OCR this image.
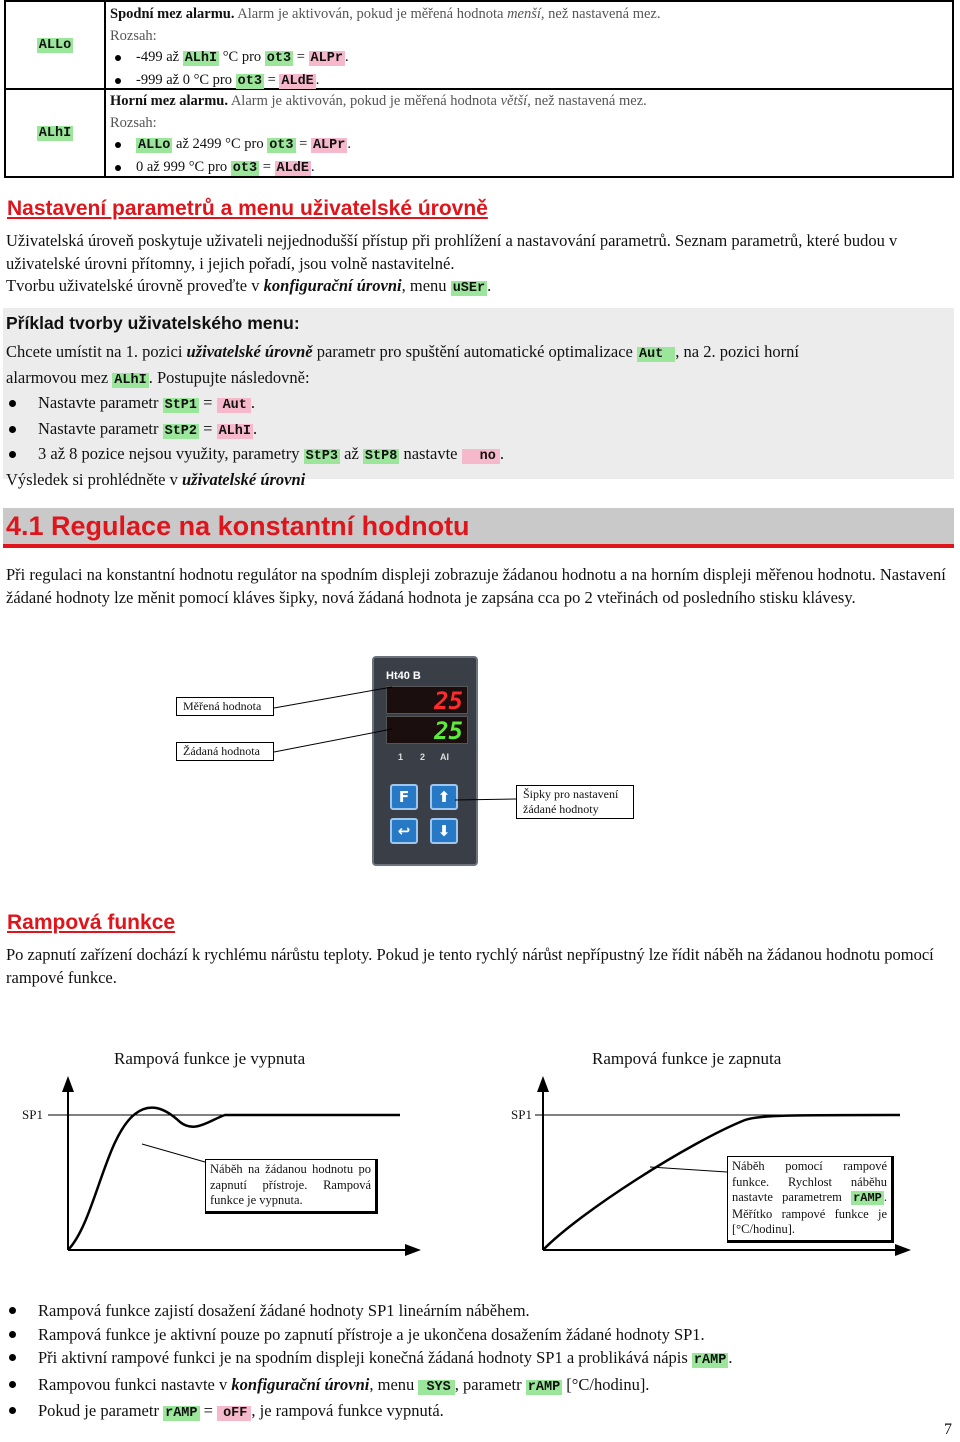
ALLo
Spodní mez alarmu. Alarm je aktivován, pokud je měřená hodnota menší, než nastavená mez.
Rozsah:
-499 až ALhI °C pro ot3 = ALPr .
-999 až 0 °C pro ot3 = ALdE .
ALhI
Horní mez alarmu. Alarm je aktivován, pokud je měřená hodnota větší, než nastavená mez.
Rozsah:
ALLo až 2499 °C pro ot3 = ALPr .
0 až 999 °C pro ot3 = ALdE .
Nastavení parametrů a menu uživatelské úrovně
Uživatelská úroveň poskytuje uživateli nejjednodušší přístup při prohlížení a nastavování parametrů. Seznam parametrů, které budou v uživatelské úrovni přítomny, i jejich pořadí, jsou volně nastavitelné.
Tvorbu uživatelské úrovně proveďte v konfigurační úrovni, menu uSEr .
Příklad tvorby uživatelského menu:
Chcete umístit na 1. pozici uživatelské úrovně parametr pro spuštění automatické optimalizace Aut , na 2. pozici horní
alarmovou mez ALhI . Postupujte následovně:
Nastavte parametr StP1 = Aut .
Nastavte parametr StP2 = ALhI .
3 až 8 pozice nejsou využity, parametry StP3 až StP8 nastavte no .
Výsledek si prohlédněte v uživatelské úrovni
4.1 Regulace na konstantní hodnotu
Při regulaci na konstantní hodnotu regulátor na spodním displeji zobrazuje žádanou hodnotu a na horním displeji měřenou hodnotu. Nastavení žádané hodnoty lze měnit pomocí kláves šipky, nová žádaná hodnota je zapsána cca po 2 vteřinách od posledního stisku klávesy.
Ht40 B
25
25
1 2 AI
F ⬆
↩ ⬇
Měřená hodnota
Žádaná hodnota
Šipky pro nastavení žádané hodnoty
Rampová funkce
Po zapnutí zařízení dochází k rychlému nárůstu teploty. Pokud je tento rychlý nárůst nepřípustný lze řídit náběh na žádanou hodnotu pomocí rampové funkce.
Rampová funkce je vypnuta	Rampová funkce je zapnuta
SP1	SP1
Náběh na žádanou hodnotu po zapnutí přístroje. Rampová funkce je vypnuta.
Náběh pomocí rampové funkce. Rychlost náběhu nastavte parametrem rAMP . Měřítko rampové funkce je [°C/hodinu].
Rampová funkce zajistí dosažení žádané hodnoty SP1 lineárním náběhem.
Rampová funkce je aktivní pouze po zapnutí přístroje a je ukončena dosažením žádané hodnoty SP1.
Při aktivní rampové funkci je na spodním displeji konečná žádaná hodnoty SP1 a problikává nápis rAMP .
Rampovou funkci nastavte v konfigurační úrovni, menu SYS , parametr rAMP [°C/hodinu].
Pokud je parametr rAMP = oFF , je rampová funkce vypnutá.
7
